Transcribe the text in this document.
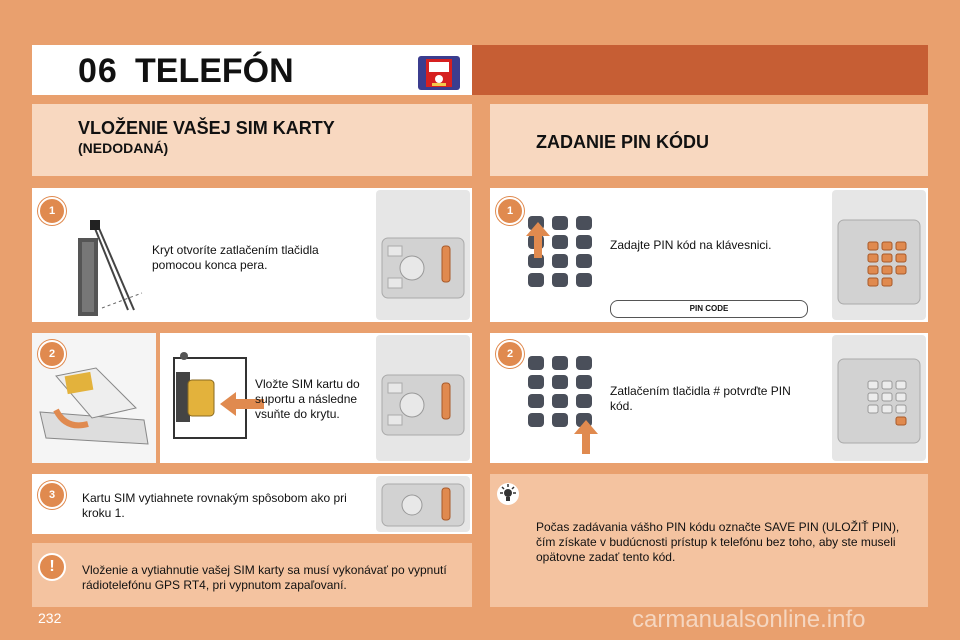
06 TELEFÓN
VLOŽENIE VAŠEJ SIM KARTY
(NEDODANÁ)	ZADANIE PIN KÓDU
1
Kryt otvoríte zatlačením tlačidla pomocou konca pera.
2
Vložte SIM kartu do suportu a následne vsuňte do krytu.
3	Kartu SIM vytiahnete rovnakým spôsobom ako pri kroku 1.
!	Vloženie a vytiahnutie vašej SIM karty sa musí vykonávať po vypnutí rádiotelefónu GPS RT4, pri vypnutom zapaľovaní.
1
Zadajte PIN kód na klávesnici.
PIN CODE
2
Zatlačením tlačidla # potvrďte PIN kód.
Počas zadávania vášho PIN kódu označte SAVE PIN (ULOŽIŤ PIN), čím získate v budúcnosti prístup k telefónu bez toho, aby ste museli opätovne zadať tento kód.
232	carmanualsonline.info
